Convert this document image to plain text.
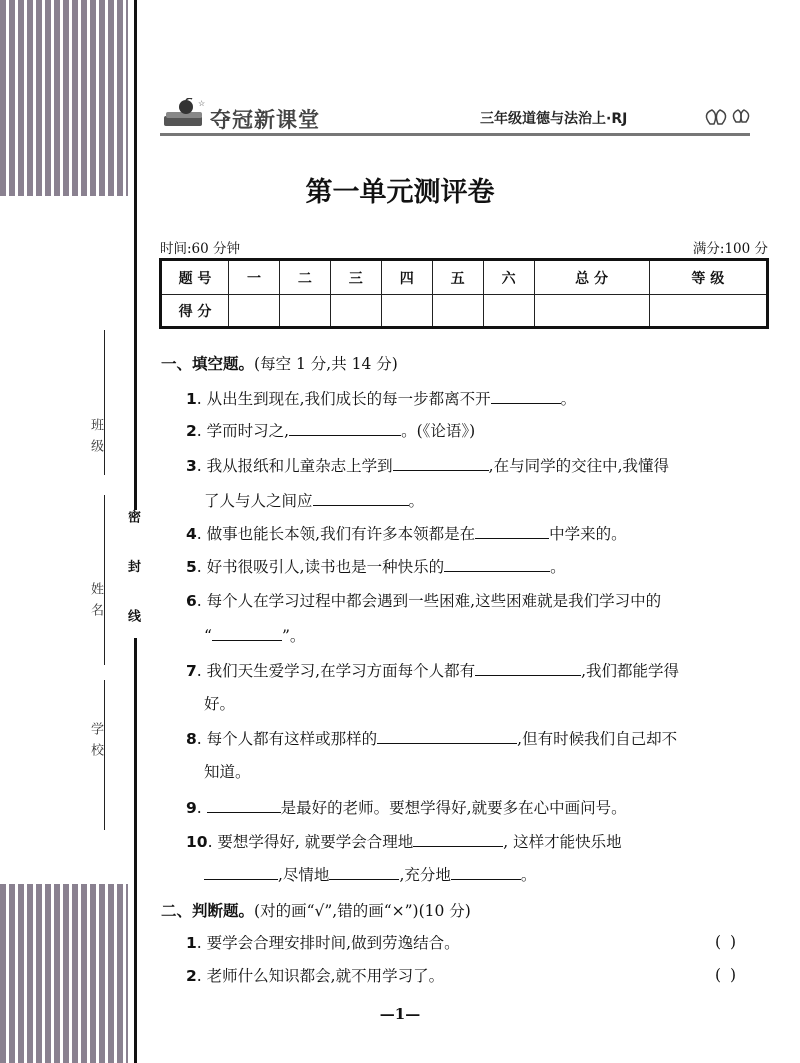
班级
姓名
学校
密 封 线
☆
夺冠新课堂	三年级道德与法治上·RJ
第一单元测评卷
时间:60 分钟	满分:100 分
题 号	一	二	三	四	五	六	总 分	等 级
得 分								
一、填空题。(每空 1 分,共 14 分)
1. 从出生到现在,我们成长的每一步都离不开	。
2. 学而时习之,	。(《论语》)
3. 我从报纸和儿童杂志上学到	,在与同学的交往中,我懂得
了人与人之间应	。
4. 做事也能长本领,我们有许多本领都是在	中学来的。
5. 好书很吸引人,读书也是一种快乐的	。
6. 每个人在学习过程中都会遇到一些困难,这些困难就是我们学习中的
“	”。
7. 我们天生爱学习,在学习方面每个人都有	,我们都能学得
好。
8. 每个人都有这样或那样的	,但有时候我们自己却不
知道。
9.	是最好的老师。要想学得好,就要多在心中画问号。
10. 要想学得好, 就要学会合理地	, 这样才能快乐地
,尽情地	,充分地	。
二、判断题。(对的画“√”,错的画“×”)(10 分)
1. 要学会合理安排时间,做到劳逸结合。	( )
2. 老师什么知识都会,就不用学习了。	( )
—1—
